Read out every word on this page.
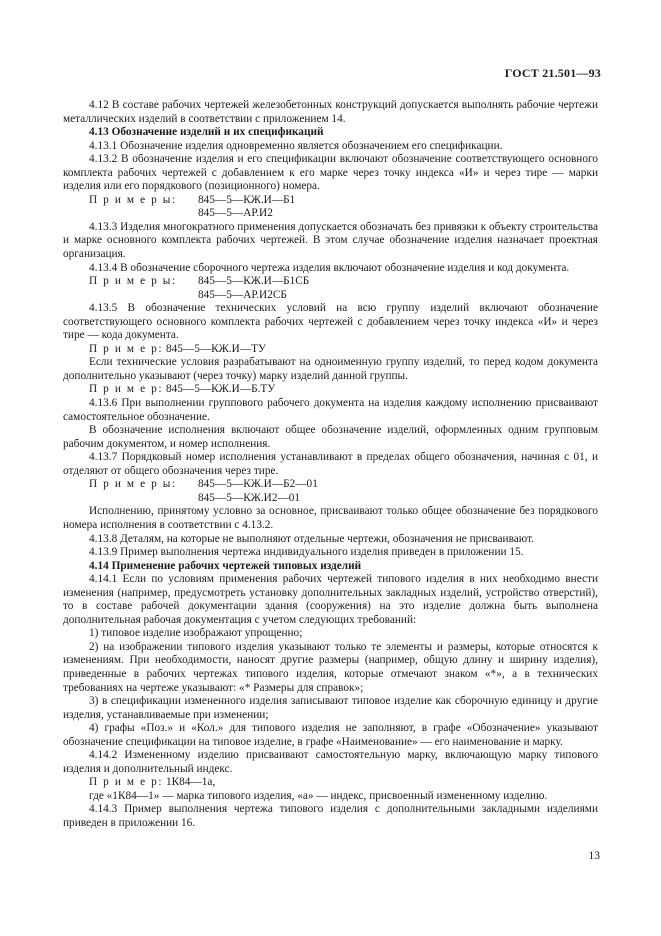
ГОСТ 21.501—93

4.12 В составе рабочих чертежей железобетонных конструкций допускается выполнять рабочие чертежи металлических изделий в соответствии с приложением 14.

4.13 Обозначение изделий и их спецификаций

4.13.1 Обозначение изделия одновременно является обозначением его спецификации.

4.13.2 В обозначение изделия и его спецификации включают обозначение соответствующего основного комплекта рабочих чертежей с добавлением к его марке через точку индекса «И» и через тире — марки изделия или его порядкового (позиционного) номера.

П р и м е р ы: 845—5—КЖ.И—Б1

845—5—АР.И2

4.13.3 Изделия многократного применения допускается обозначать без привязки к объекту строительства и марке основного комплекта рабочих чертежей. В этом случае обозначение изделия назначает проектная организация.

4.13.4 В обозначение сборочного чертежа изделия включают обозначение изделия и код документа.

П р и м е р ы: 845—5—КЖ.И—Б1СБ

845—5—АР.И2СБ

4.13.5 В обозначение технических условий на всю группу изделий включают обозначение соответствующего основного комплекта рабочих чертежей с добавлением через точку индекса «И» и через тире — кода документа.

П р и м е р: 845—5—КЖ.И—ТУ

Если технические условия разрабатывают на одноименную группу изделий, то перед кодом документа дополнительно указывают (через точку) марку изделий данной группы.

П р и м е р: 845—5—КЖ.И—Б.ТУ

4.13.6 При выполнении группового рабочего документа на изделия каждому исполнению присваивают самостоятельное обозначение.

В обозначение исполнения включают общее обозначение изделий, оформленных одним групповым рабочим документом, и номер исполнения.

4.13.7 Порядковый номер исполнения устанавливают в пределах общего обозначения, начиная с 01, и отделяют от общего обозначения через тире.

П р и м е р ы: 845—5—КЖ.И—Б2—01

845—5—КЖ.И2—01

Исполнению, принятому условно за основное, присваивают только общее обозначение без порядкового номера исполнения в соответствии с 4.13.2.

4.13.8 Деталям, на которые не выполняют отдельные чертежи, обозначения не присваивают.

4.13.9 Пример выполнения чертежа индивидуального изделия приведен в приложении 15.

4.14 Применение рабочих чертежей типовых изделий

4.14.1 Если по условиям применения рабочих чертежей типового изделия в них необходимо внести изменения (например, предусмотреть установку дополнительных закладных изделий, устройство отверстий), то в составе рабочей документации здания (сооружения) на это изделие должна быть выполнена дополнительная рабочая документация с учетом следующих требований:

1) типовое изделие изображают упрощенно;

2) на изображении типового изделия указывают только те элементы и размеры, которые относятся к изменениям. При необходимости, наносят другие размеры (например, общую длину и ширину изделия), приведенные в рабочих чертежах типового изделия, которые отмечают знаком «*», а в технических требованиях на чертеже указывают: «* Размеры для справок»;

3) в спецификации измененного изделия записывают типовое изделие как сборочную единицу и другие изделия, устанавливаемые при изменении;

4) графы «Поз.» и «Кол.» для типового изделия не заполняют, в графе «Обозначение» указывают обозначение спецификации на типовое изделие, в графе «Наименование» — его наименование и марку.

4.14.2 Измененному изделию присваивают самостоятельную марку, включающую марку типового изделия и дополнительный индекс.

П р и м е р: 1К84—1а,

где «1К84—1» — марка типового изделия, «а» — индекс, присвоенный измененному изделию.

4.14.3 Пример выполнения чертежа типового изделия с дополнительными закладными изделиями приведен в приложении 16.

13
